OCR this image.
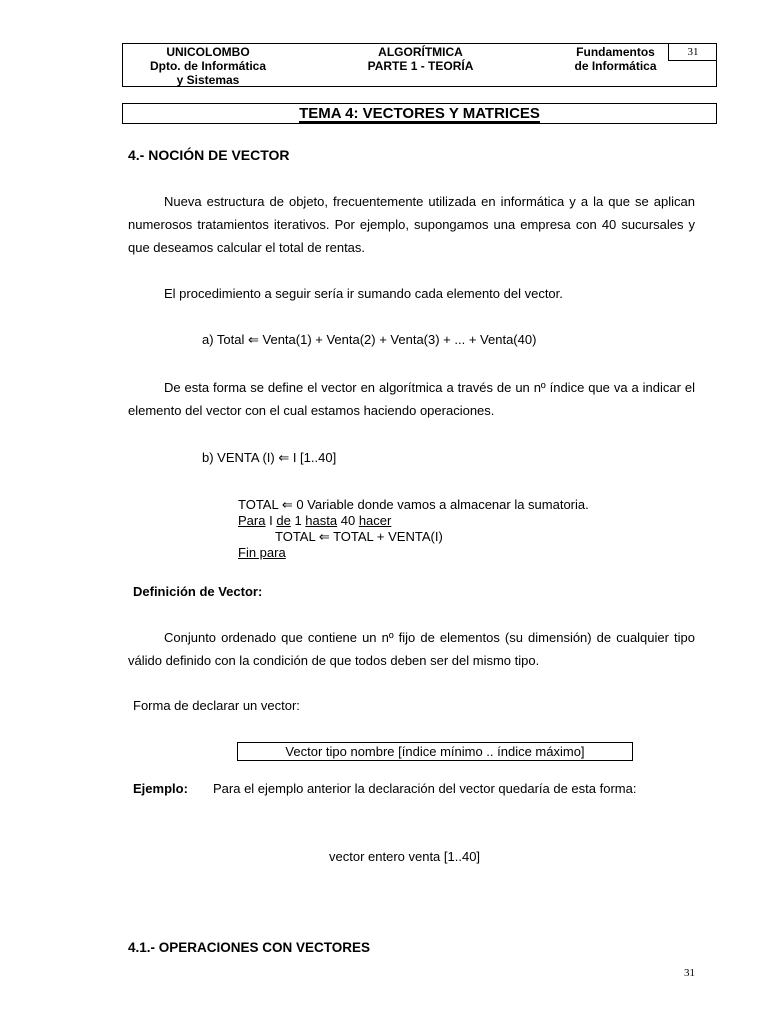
UNICOLOMBO
Dpto. de Informática
y Sistemas
ALGORÍTMICA
PARTE 1 - TEORÍA
Fundamentos
de Informática
31
TEMA 4: VECTORES Y MATRICES
4.- NOCIÓN DE VECTOR
Nueva estructura de objeto, frecuentemente utilizada en informática y a la que se aplican numerosos tratamientos iterativos. Por ejemplo, supongamos una empresa con 40 sucursales y que deseamos calcular el total de rentas.
El procedimiento a seguir sería ir sumando cada elemento del vector.
a) Total ⇐ Venta(1) + Venta(2) + Venta(3) + ... + Venta(40)
De esta forma se define el vector en algorítmica a través de un nº índice que va a indicar el elemento del vector con el cual estamos haciendo operaciones.
b) VENTA (I) ⇐ I [1..40]
TOTAL ⇐ 0 Variable donde vamos a almacenar la sumatoria.
Para I de 1 hasta 40 hacer
TOTAL ⇐ TOTAL + VENTA(I)
Fin para
Definición de Vector:
Conjunto ordenado que contiene un nº fijo de elementos (su dimensión) de cualquier tipo válido definido con la condición de que todos deben ser del mismo tipo.
Forma de declarar un vector:
Vector tipo nombre [índice mínimo .. índice máximo]
Ejemplo: Para el ejemplo anterior la declaración del vector quedaría de esta forma:
vector entero venta [1..40]
4.1.- OPERACIONES CON VECTORES
31
